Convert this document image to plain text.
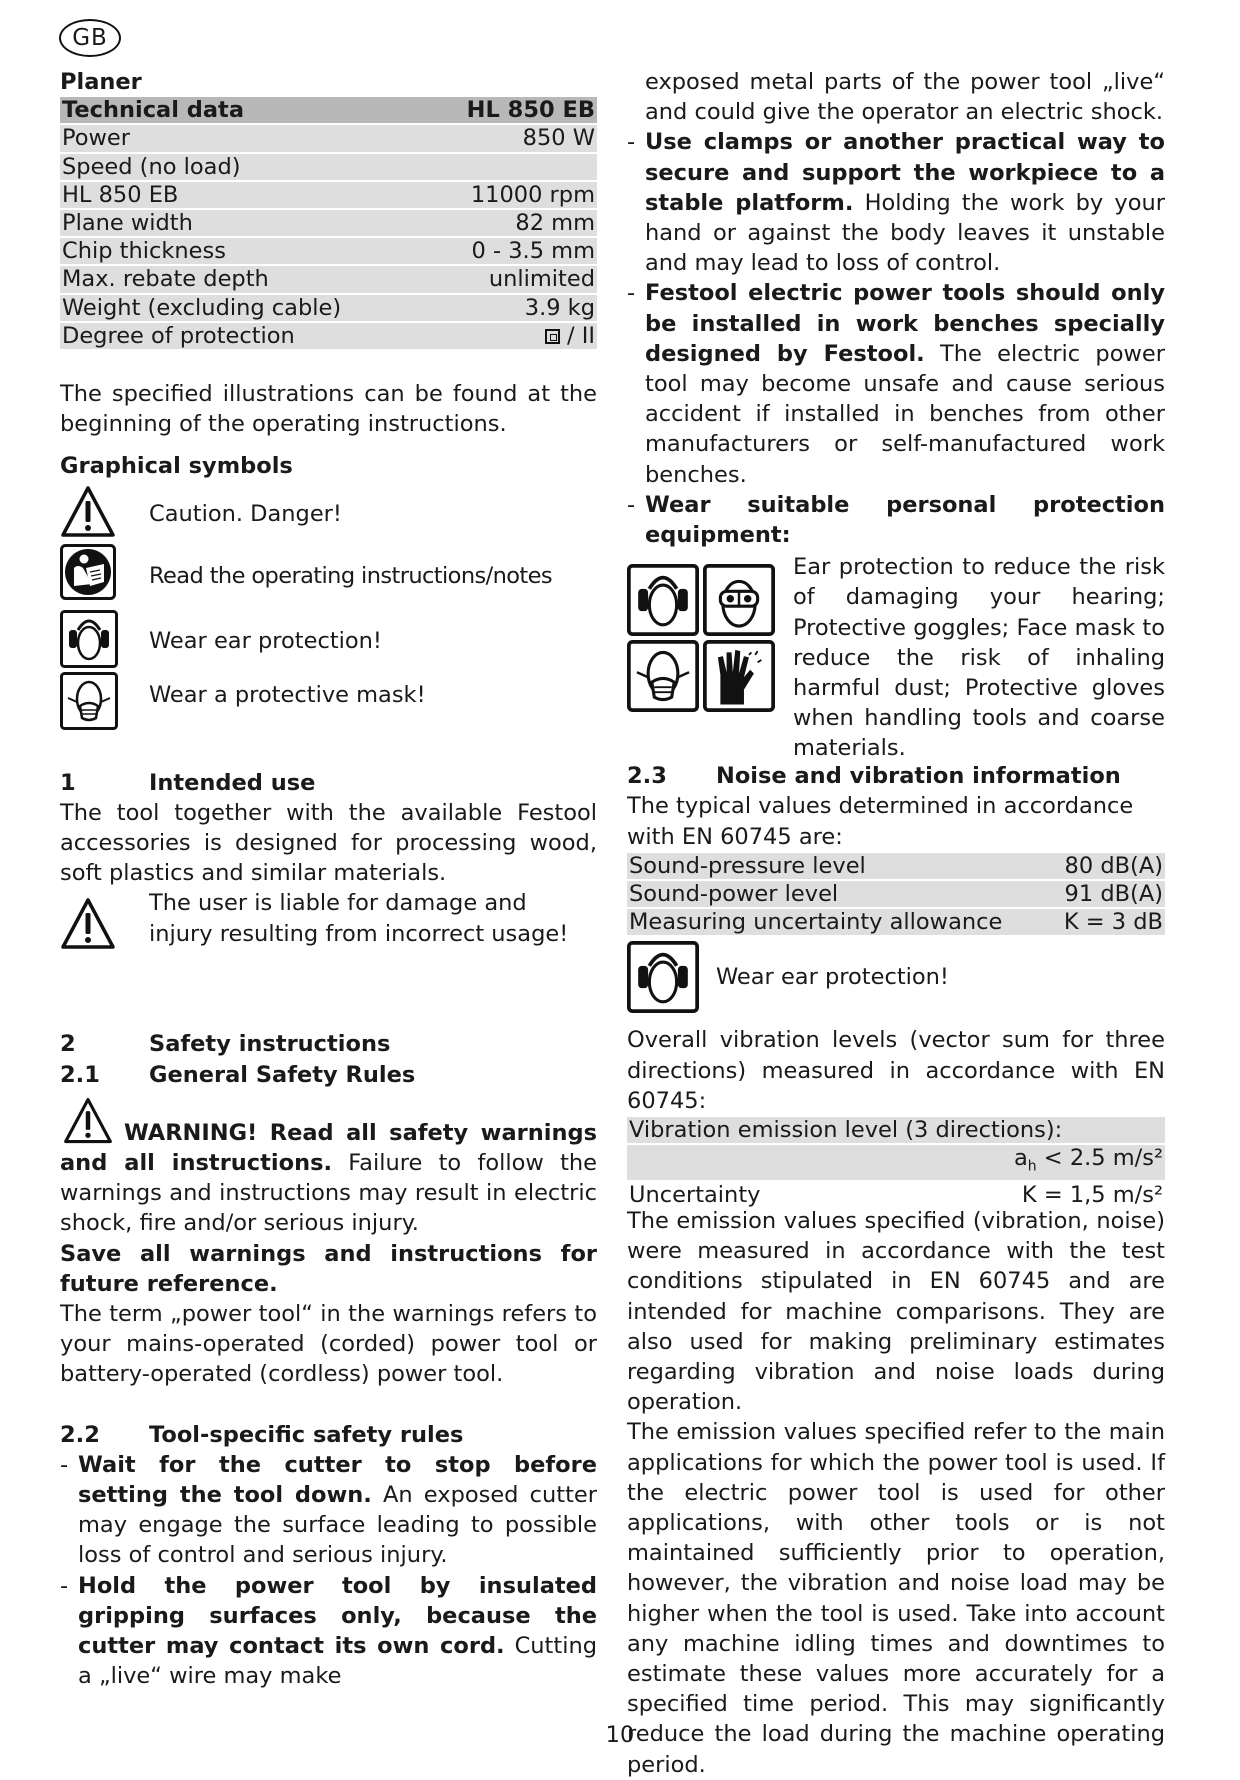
GB
Planer
Technical data	HL 850 EB
Power	850 W
Speed (no load)	
HL 850 EB	11000 rpm
Plane width	82 mm
Chip thickness	0 - 3.5 mm
Max. rebate depth	unlimited
Weight (excluding cable)	3.9 kg
Degree of protection	/ II
The specified illustrations can be found at the beginning of the operating instructions.
Graphical symbols
Caution. Danger!
Read the operating instructions/notes
Wear ear protection!
Wear a protective mask!
1	Intended use
The tool together with the available Festool accessories is designed for processing wood, soft plastics and similar materials.
The user is liable for damage and injury resulting from incorrect usage!
2	Safety instructions
2.1 General Safety Rules
WARNING! Read all safety warnings and all instructions. Failure to follow the warnings and instructions may result in electric shock, fire and/or serious injury.
Save all warnings and instructions for future reference.
The term „power tool“ in the warnings refers to your mains-operated (corded) power tool or battery-operated (cordless) power tool.
2.2 Tool-specific safety rules
- Wait for the cutter to stop before setting the tool down. An exposed cutter may engage the surface leading to possible loss of control and serious injury.
- Hold the power tool by insulated gripping surfaces only, because the cutter may contact its own cord. Cutting a „live“ wire may make
exposed metal parts of the power tool „live“ and could give the operator an electric shock.
- Use clamps or another practical way to secure and support the workpiece to a stable platform. Holding the work by your hand or against the body leaves it unstable and may lead to loss of control.
- Festool electric power tools should only be installed in work benches specially designed by Festool. The electric power tool may become unsafe and cause serious accident if installed in benches from other manufacturers or self-manufactured work benches.
- Wear suitable personal protection equipment:
Ear protection to reduce the risk of damaging your hearing; Protective goggles; Face mask to reduce the risk of inhaling harmful dust; Protective gloves when handling tools and coarse materials.
2.3 Noise and vibration information
The typical values determined in accordance with EN 60745 are:
Sound-pressure level	80 dB(A)
Sound-power level	91 dB(A)
Measuring uncertainty allowance	K = 3 dB
Wear ear protection!
Overall vibration levels (vector sum for three directions) measured in accordance with EN 60745:
Vibration emission level (3 directions):	
	$a_h < 2.5$ m/s²
Uncertainty	K = 1,5 m/s²
The emission values specified (vibration, noise) were measured in accordance with the test conditions stipulated in EN 60745 and are intended for machine comparisons. They are also used for making preliminary estimates regarding vibration and noise loads during operation.
The emission values specified refer to the main applications for which the power tool is used. If the electric power tool is used for other applications, with other tools or is not maintained sufficiently prior to operation, however, the vibration and noise load may be higher when the tool is used. Take into account any machine idling times and downtimes to estimate these values more accurately for a specified time period. This may significantly reduce the load during the machine operating period.
10
